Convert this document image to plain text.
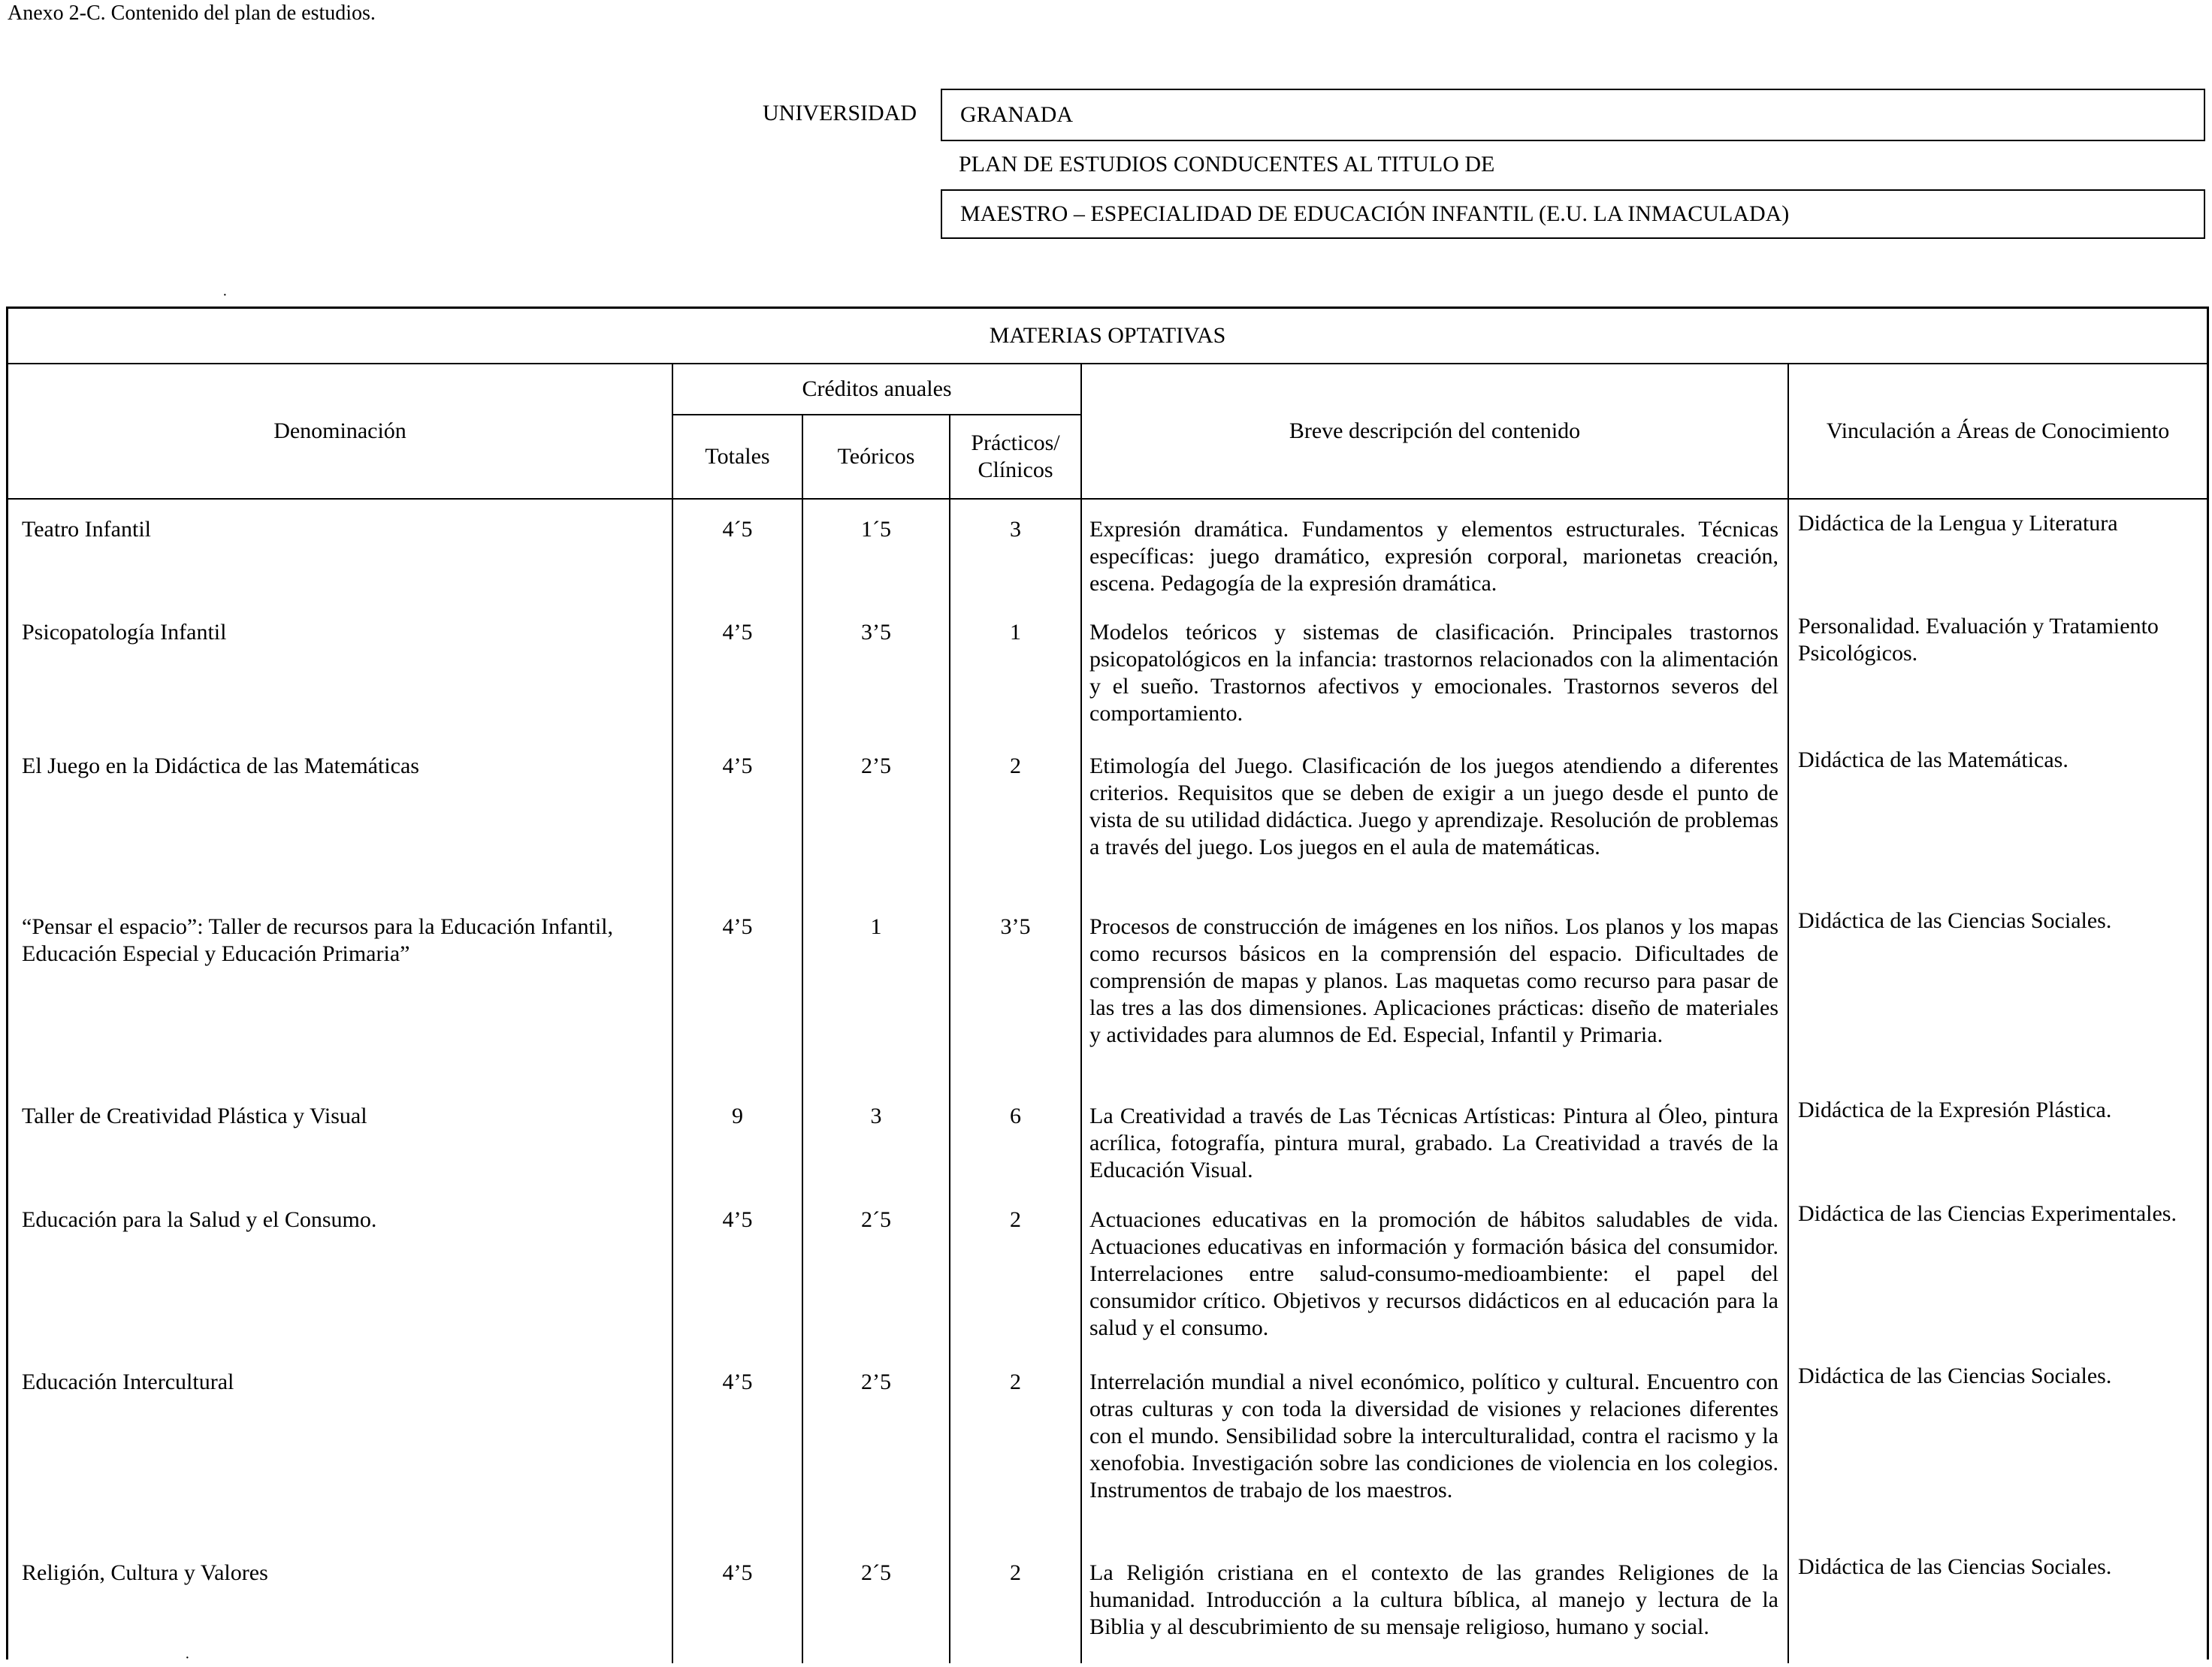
Anexo 2-C. Contenido del plan de estudios.
UNIVERSIDAD GRANADA
PLAN DE ESTUDIOS CONDUCENTES AL TITULO DE
MAESTRO – ESPECIALIDAD DE EDUCACIÓN INFANTIL (E.U. LA INMACULADA)
·
·
MATERIAS OPTATIVAS					
Denominación	Créditos anuales			Breve descripción del contenido	Vinculación a Áreas de Conocimiento
	Totales	Teóricos	Prácticos/
Clínicos		
Teatro Infantil	4´5	1´5	3	Expresión dramática. Fundamentos y elementos estructurales. Técnicas específicas: juego dramático, expresión corporal, marionetas creación, escena. Pedagogía de la expresión dramática.	Didáctica de la Lengua y Literatura
Psicopatología Infantil	4’5	3’5	1	Modelos teóricos y sistemas de clasificación. Principales trastornos psicopatológicos en la infancia: trastornos relacionados con la alimentación y el sueño. Trastornos afectivos y emocionales. Trastornos severos del comportamiento.	Personalidad. Evaluación y Tratamiento Psicológicos.
El Juego en la Didáctica de las Matemáticas	4’5	2’5	2	Etimología del Juego. Clasificación de los juegos atendiendo a diferentes criterios. Requisitos que se deben de exigir a un juego desde el punto de vista de su utilidad didáctica. Juego y aprendizaje. Resolución de problemas a través del juego. Los juegos en el aula de matemáticas.	Didáctica de las Matemáticas.
“Pensar el espacio”: Taller de recursos para la Educación Infantil, Educación Especial y Educación Primaria”	4’5	1	3’5	Procesos de construcción de imágenes en los niños. Los planos y los mapas como recursos básicos en la comprensión del espacio. Dificultades de comprensión de mapas y planos. Las maquetas como recurso para pasar de las tres a las dos dimensiones. Aplicaciones prácticas: diseño de materiales y actividades para alumnos de Ed. Especial, Infantil y Primaria.	Didáctica de las Ciencias Sociales.
Taller de Creatividad Plástica y Visual	9	3	6	La Creatividad a través de Las Técnicas Artísticas: Pintura al Óleo, pintura acrílica, fotografía, pintura mural, grabado. La Creatividad a través de la Educación Visual.	Didáctica de la Expresión Plástica.
Educación para la Salud y el Consumo.	4’5	2´5	2	Actuaciones educativas en la promoción de hábitos saludables de vida. Actuaciones educativas en información y formación básica del consumidor. Interrelaciones entre salud-consumo-medioambiente: el papel del consumidor crítico. Objetivos y recursos didácticos en al educación para la salud y el consumo.	Didáctica de las Ciencias Experimentales.
Educación Intercultural	4’5	2’5	2	Interrelación mundial a nivel económico, político y cultural. Encuentro con otras culturas y con toda la diversidad de visiones y relaciones diferentes con el mundo. Sensibilidad sobre la interculturalidad, contra el racismo y la xenofobia. Investigación sobre las condiciones de violencia en los colegios. Instrumentos de trabajo de los maestros.	Didáctica de las Ciencias Sociales.
Religión, Cultura y Valores	4’5	2´5	2	La Religión cristiana en el contexto de las grandes Religiones de la humanidad. Introducción a la cultura bíblica, al manejo y lectura de la Biblia y al descubrimiento de su mensaje religioso, humano y social.	Didáctica de las Ciencias Sociales.
